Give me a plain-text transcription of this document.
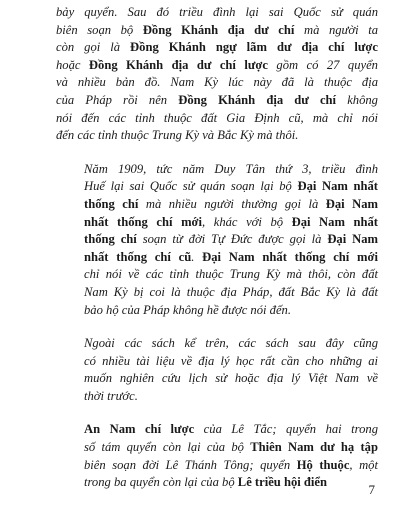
bảy quyển. Sau đó triều đình lại sai Quốc sử quán
biên soạn bộ Đồng Khánh địa dư chí mà người ta
còn gọi là Đồng Khánh ngự lãm dư địa chí lược
hoặc Đồng Khánh địa dư chí lược gồm có 27 quyển
và nhiều bản đồ. Nam Kỳ lúc này đã là thuộc địa
của Pháp rồi nên Đồng Khánh địa dư chí không
nói đến các tỉnh thuộc đất Gia Định cũ, mà chỉ nói
đến các tỉnh thuộc Trung Kỳ và Bắc Kỳ mà thôi.
Năm 1909, tức năm Duy Tân thứ 3, triều đình
Huế lại sai Quốc sử quán soạn lại bộ Đại Nam nhất
thống chí mà nhiều người thường gọi là Đại Nam
nhất thống chí mới, khác với bộ Đại Nam nhất
thống chí soạn từ đời Tự Đức được gọi là Đại Nam
nhất thống chí cũ. Đại Nam nhất thống chí mới
chỉ nói về các tỉnh thuộc Trung Kỳ mà thôi, còn đất
Nam Kỳ bị coi là thuộc địa Pháp, đất Bắc Kỳ là đất
bảo hộ của Pháp không hề được nói đến.
Ngoài các sách kể trên, các sách sau đây cũng
có nhiều tài liệu về địa lý học rất cần cho những ai
muốn nghiên cứu lịch sử hoặc địa lý Việt Nam về
thời trước.
An Nam chí lược của Lê Tắc; quyển hai trong
số tám quyển còn lại của bộ Thiên Nam dư hạ tập
biên soạn đời Lê Thánh Tông; quyển Hộ thuộc, một
trong ba quyển còn lại của bộ Lê triều hội điển	7
